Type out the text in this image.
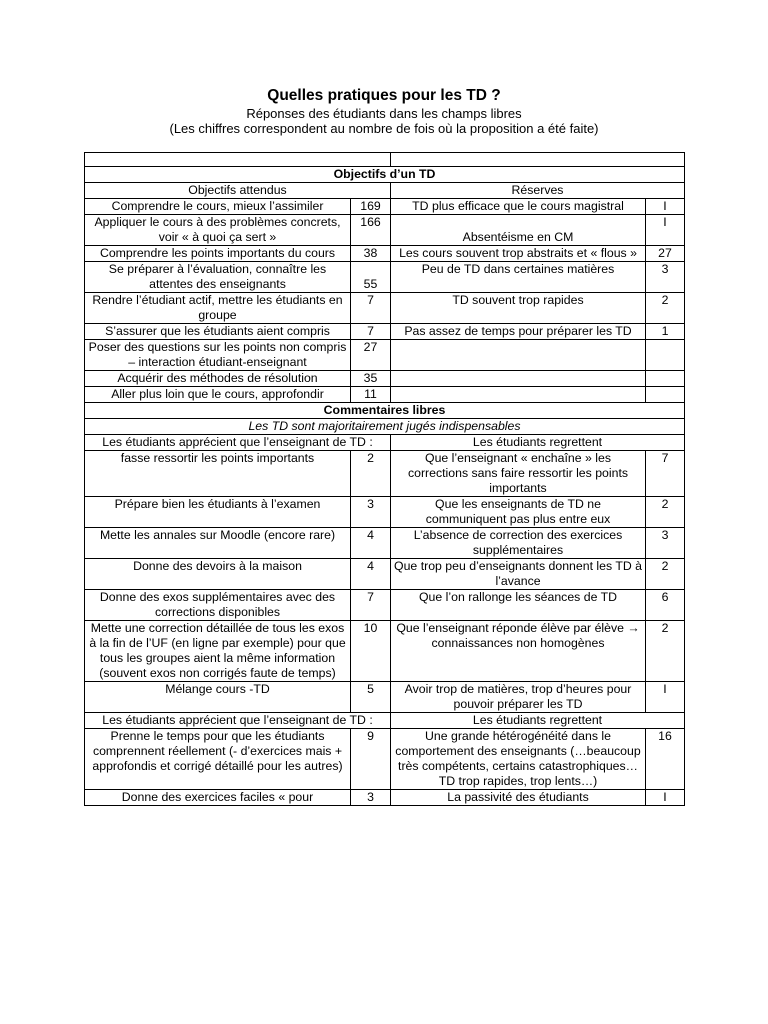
Quelles pratiques pour les TD ?
Réponses des étudiants dans les champs libres
(Les chiffres correspondent au nombre de fois où la proposition a été faite)

Objectifs d’un TD			
Objectifs attendus		Réserves	
Comprendre le cours, mieux l’assimiler	169	TD plus efficace que le cours magistral	I
Appliquer le cours à des problèmes concrets, voir « à quoi ça sert »	166	Absentéisme en CM	I
Comprendre les points importants du cours	38	Les cours souvent trop abstraits et « flous »	27
Se préparer à l’évaluation, connaître les attentes des enseignants	55	Peu de TD dans certaines matières	3
Rendre l’étudiant actif, mettre les étudiants en groupe	7	TD souvent trop rapides	2
S’assurer que les étudiants aient compris	7	Pas assez de temps pour préparer les TD	1
Poser des questions sur les points non compris – interaction étudiant-enseignant	27		
Acquérir des méthodes de résolution	35		
Aller plus loin que le cours, approfondir	11		
Commentaires libres			
Les TD sont majoritairement jugés indispensables			
Les étudiants apprécient que l’enseignant de TD :		Les étudiants regrettent	
fasse ressortir les points importants	2	Que l’enseignant « enchaîne » les corrections sans faire ressortir les points importants	7
Prépare bien les étudiants à l’examen	3	Que les enseignants de TD ne communiquent pas plus entre eux	2
Mette les annales sur Moodle (encore rare)	4	L’absence de correction des exercices supplémentaires	3
Donne des devoirs à la maison	4	Que trop peu d’enseignants donnent les TD à l’avance	2
Donne des exos supplémentaires avec des corrections disponibles	7	Que l’on rallonge les séances de TD	6
Mette une correction détaillée de tous les exos à la fin de l’UF (en ligne par exemple) pour que tous les groupes aient la même information (souvent exos non corrigés faute de temps)	10	Que l’enseignant réponde élève par élève → connaissances non homogènes	2
Mélange cours -TD	5	Avoir trop de matières, trop d’heures pour pouvoir préparer les TD	I
Les étudiants apprécient que l’enseignant de TD :		Les étudiants regrettent	
Prenne le temps pour que les étudiants comprennent réellement (- d’exercices mais + approfondis et corrigé détaillé pour les autres)	9	Une grande hétérogénéité dans le comportement des enseignants (…beaucoup très compétents, certains catastrophiques…TD trop rapides, trop lents…)	16
Donne des exercices faciles « pour	3	La passivité des étudiants	I
